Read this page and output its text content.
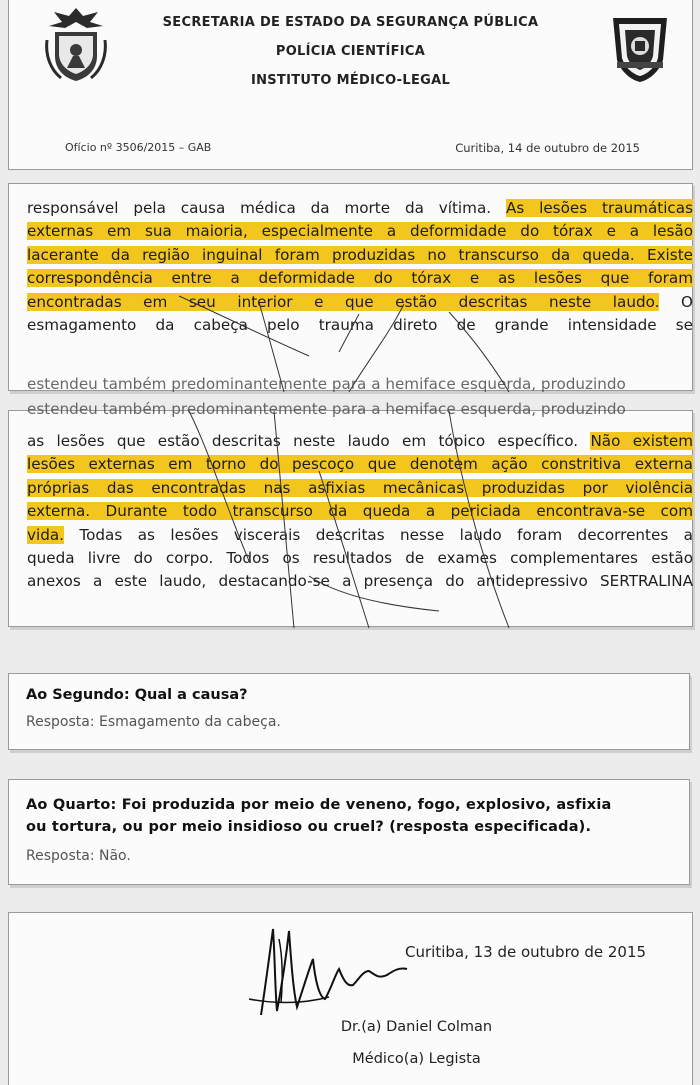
SECRETARIA DE ESTADO DA SEGURANÇA PÚBLICA
POLÍCIA CIENTÍFICA
INSTITUTO MÉDICO-LEGAL
Ofício nº 3506/2015 – GAB	Curitiba, 14 de outubro de 2015
responsável pela causa médica da morte da vítima. As lesões traumáticas
externas em sua maioria, especialmente a deformidade do tórax e a lesão
lacerante da região inguinal foram produzidas no transcurso da queda. Existe
correspondência entre a deformidade do tórax e as lesões que foram
encontradas em seu interior e que estão descritas neste laudo. O
esmagamento da cabeça pelo trauma direto de grande intensidade se
estendeu também predominantemente para a hemiface esquerda, produzindo
estendeu também predominantemente para a hemiface esquerda, produzindo
as lesões que estão descritas neste laudo em tópico específico. Não existem
lesões externas em torno do pescoço que denotem ação constritiva externa
próprias das encontradas nas asfixias mecânicas produzidas por violência
externa. Durante todo transcurso da queda a periciada encontrava-se com
vida. Todas as lesões viscerais descritas nesse laudo foram decorrentes a
queda livre do corpo. Todos os resultados de exames complementares estão
anexos a este laudo, destacando-se a presença do antidepressivo SERTRALINA
Ao Segundo: Qual a causa?
Resposta: Esmagamento da cabeça.
Ao Quarto: Foi produzida por meio de veneno, fogo, explosivo, asfixia
ou tortura, ou por meio insidioso ou cruel? (resposta especificada).
Resposta: Não.
Curitiba, 13 de outubro de 2015
Dr.(a) Daniel Colman
Médico(a) Legista
